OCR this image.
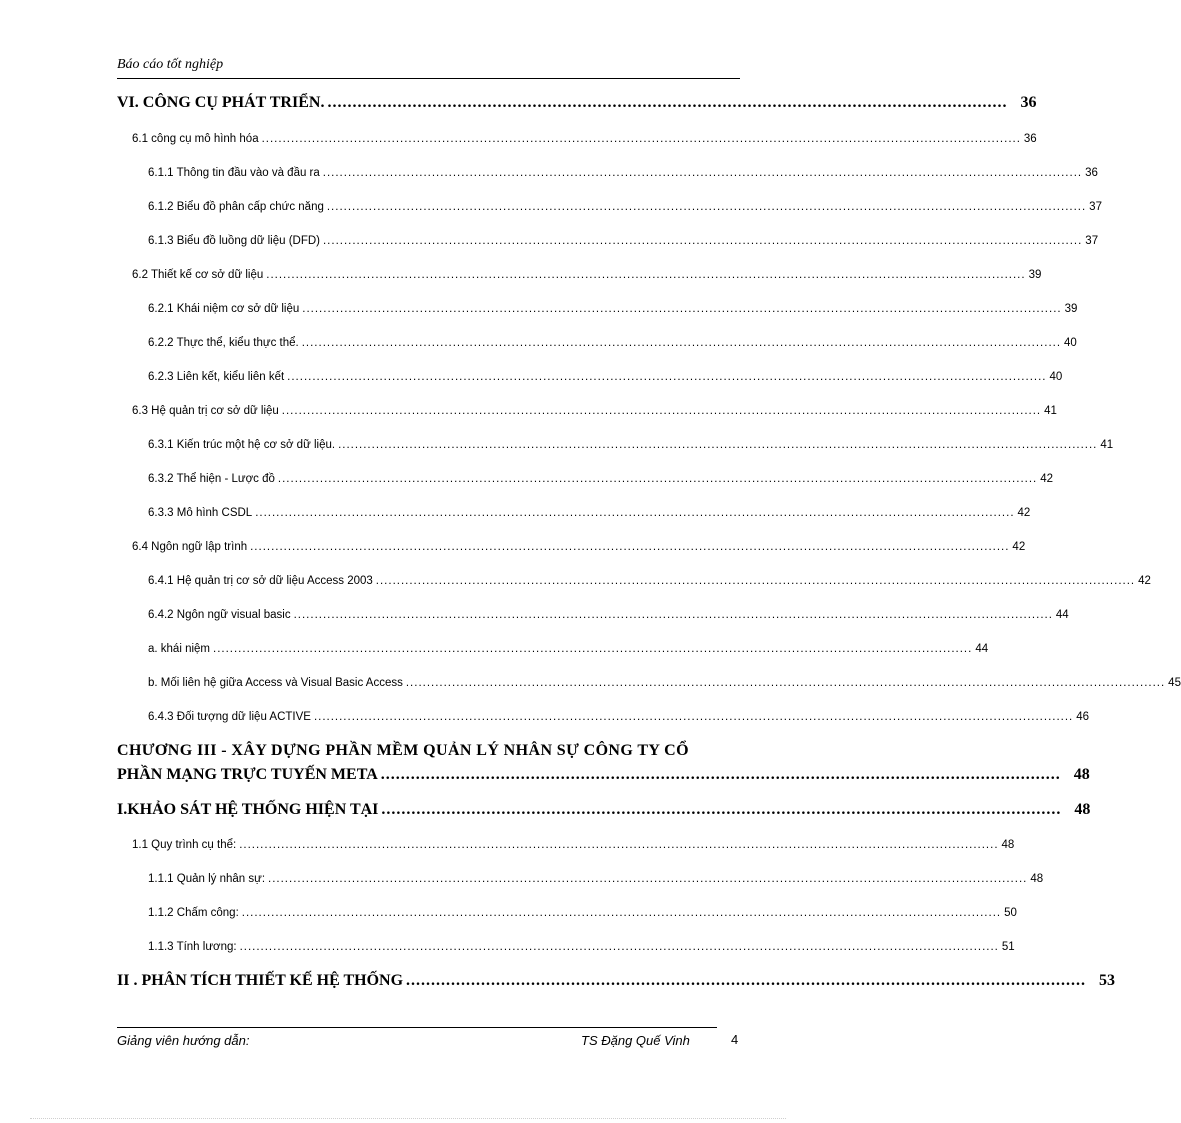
Báo cáo tốt nghiệp
VI. CÔNG CỤ PHÁT TRIỂN. ........................................................................................................................................ 36
6.1 công cụ mô hình hóa ..................................................................................................................................................................................... 36
6.1.1 Thông tin đầu vào và đầu ra ..................................................................................................................................................................................... 36
6.1.2 Biểu đồ phân cấp chức năng ..................................................................................................................................................................................... 37
6.1.3 Biểu đồ luồng dữ liệu (DFD) ..................................................................................................................................................................................... 37
6.2 Thiết kế cơ sở dữ liệu ..................................................................................................................................................................................... 39
6.2.1 Khái niệm cơ sở dữ liệu ..................................................................................................................................................................................... 39
6.2.2 Thực thể, kiểu thực thể. ..................................................................................................................................................................................... 40
6.2.3 Liên kết, kiểu liên kết ..................................................................................................................................................................................... 40
6.3 Hệ quản trị cơ sở dữ liệu ..................................................................................................................................................................................... 41
6.3.1 Kiến trúc một hệ cơ sở dữ liệu. ..................................................................................................................................................................................... 41
6.3.2 Thể hiện - Lược đồ ..................................................................................................................................................................................... 42
6.3.3 Mô hình CSDL ..................................................................................................................................................................................... 42
6.4 Ngôn ngữ lập trình ..................................................................................................................................................................................... 42
6.4.1 Hệ quản trị cơ sở dữ liệu Access 2003 ..................................................................................................................................................................................... 42
6.4.2 Ngôn ngữ visual basic ..................................................................................................................................................................................... 44
a. khái niệm ..................................................................................................................................................................................... 44
b. Mối liên hệ giữa Access và Visual Basic Access ..................................................................................................................................................................................... 45
6.4.3 Đối tượng dữ liệu ACTIVE ..................................................................................................................................................................................... 46
CHƯƠNG III - XÂY DỰNG PHẦN MỀM QUẢN LÝ NHÂN SỰ CÔNG TY CỔ
PHẦN MẠNG TRỰC TUYẾN META ........................................................................................................................................ 48
I.KHẢO SÁT HỆ THỐNG HIỆN TẠI ........................................................................................................................................ 48
1.1 Quy trình cụ thể: ..................................................................................................................................................................................... 48
1.1.1 Quản lý nhân sự: ..................................................................................................................................................................................... 48
1.1.2 Chấm công: ..................................................................................................................................................................................... 50
1.1.3 Tính lương: ..................................................................................................................................................................................... 51
II . PHÂN TÍCH THIẾT KẾ HỆ THỐNG ........................................................................................................................................ 53
Giảng viên hướng dẫn:	TS Đặng Quế Vinh	4
